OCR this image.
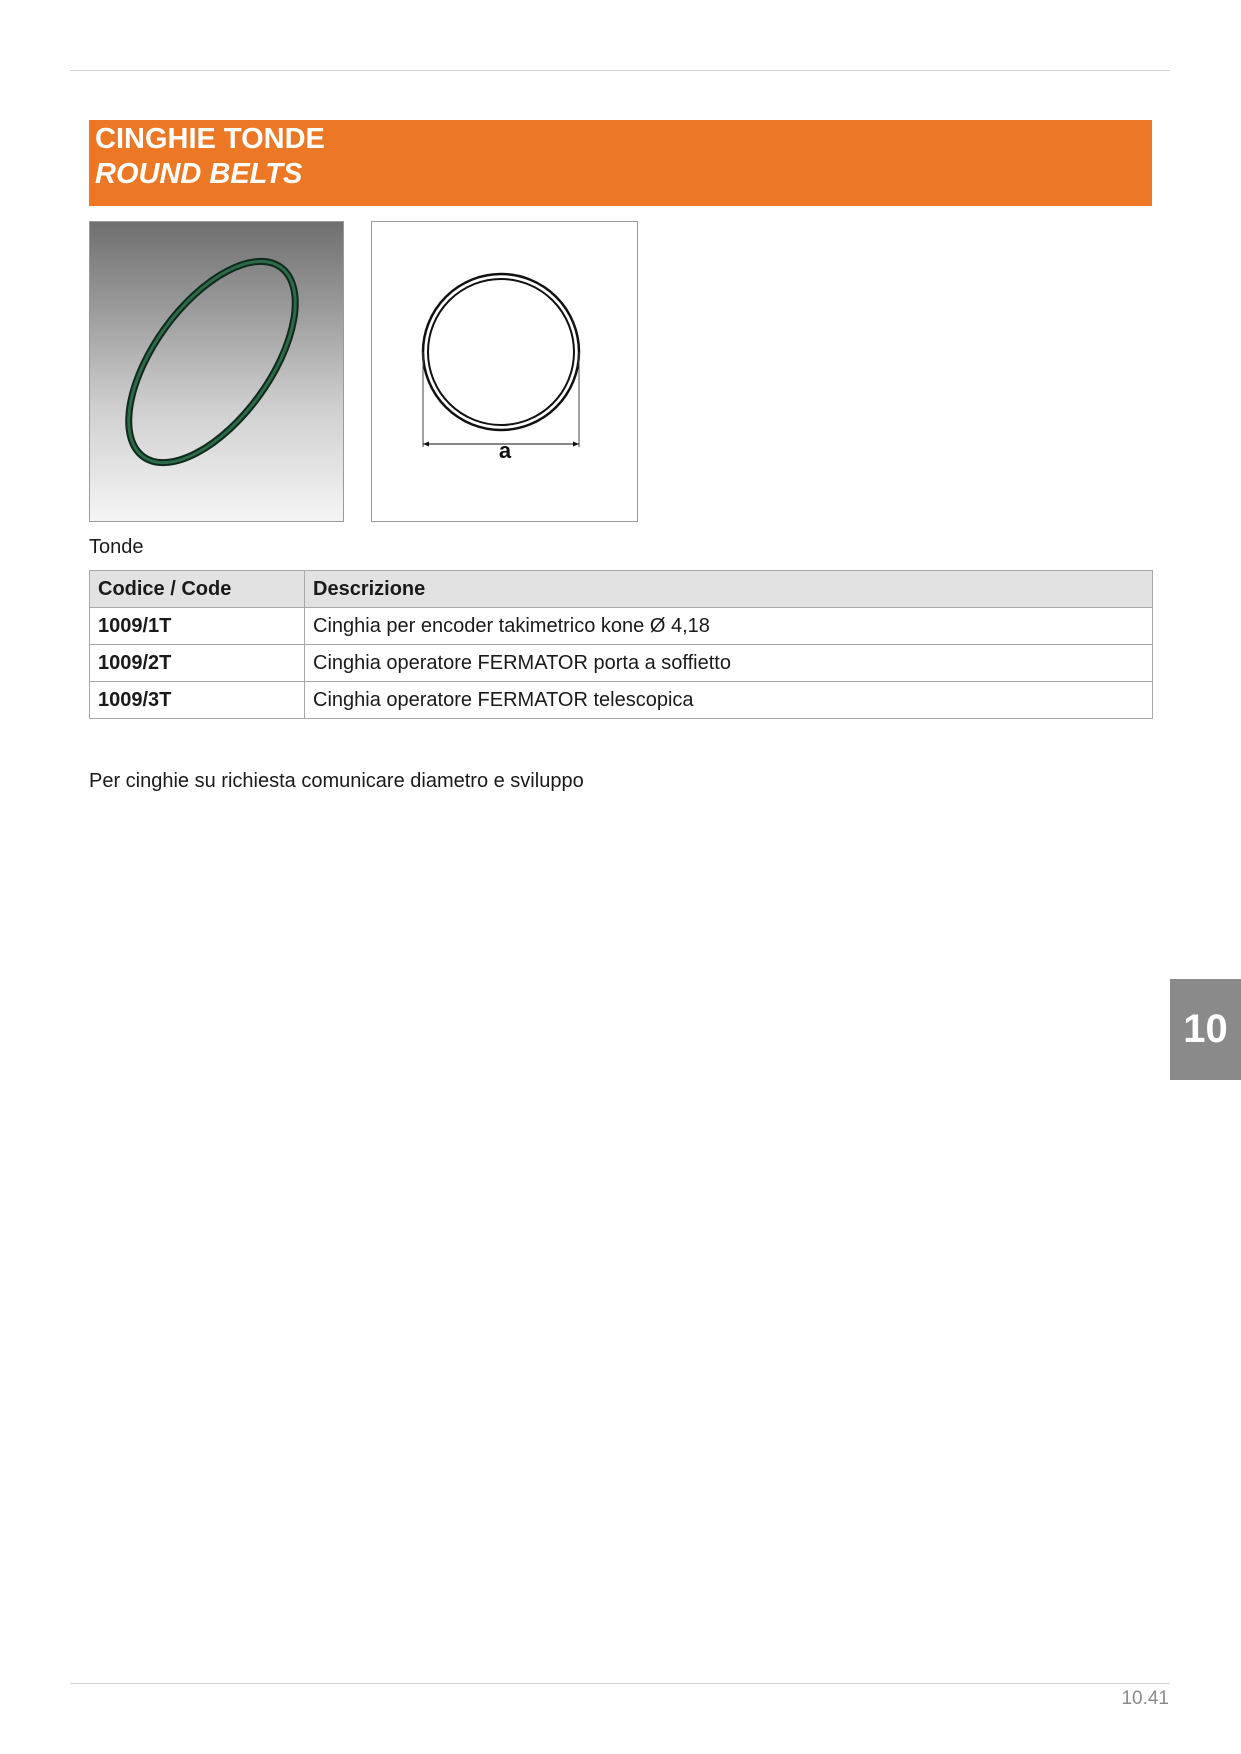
CINGHIE TONDE
ROUND BELTS
a
Tonde
Codice / Code	Descrizione
1009/1T	Cinghia per encoder takimetrico kone Ø 4,18
1009/2T	Cinghia operatore FERMATOR porta a soffietto
1009/3T	Cinghia operatore FERMATOR telescopica
Per cinghie su richiesta comunicare diametro e sviluppo
10
10.41
